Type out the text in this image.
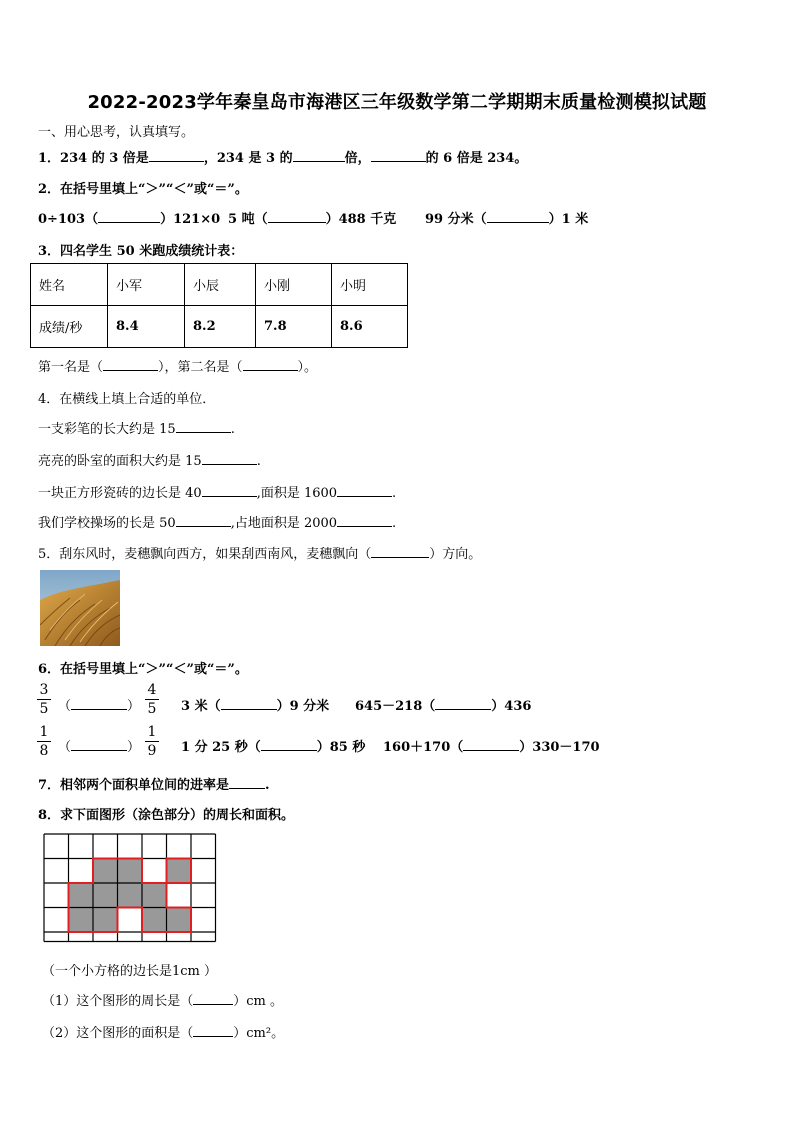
2022-2023学年秦皇岛市海港区三年级数学第二学期期末质量检测模拟试题
一、用心思考，认真填写。
1．234 的 3 倍是	，234 是 3 的	倍，	的 6 倍是 234。
2．在括号里填上“＞”“＜”或“＝”。
0÷103（	）121×0 5 吨（	）488 千克 99 分米（	）1 米
3．四名学生 50 米跑成绩统计表：
姓名	小军	小辰	小刚	小明
成绩/秒	8.4	8.2	7.8	8.6
第一名是（	），第二名是（	）。
4．在横线上填上合适的单位．
一支彩笔的长大约是 15	.
亮亮的卧室的面积大约是 15	.
一块正方形瓷砖的边长是 40	,面积是 1600	.
我们学校操场的长是 50	,占地面积是 2000	.
5．刮东风时，麦穗飘向西方，如果刮西南风，麦穗飘向（	）方向。
6．在括号里填上“＞”“＜”或“＝”。
3
5 （	）
4
5 3 米（	）9 分米 645－218（	）436
1
8 （	）
1
9 1 分 25 秒（	）85 秒 160＋170（	）330－170
7．相邻两个面积单位间的进率是	.
8．求下面图形（涂色部分）的周长和面积。
（一个小方格的边长是1cm ）
（1）这个图形的周长是（	）cm 。
（2）这个图形的面积是（	）cm²。
